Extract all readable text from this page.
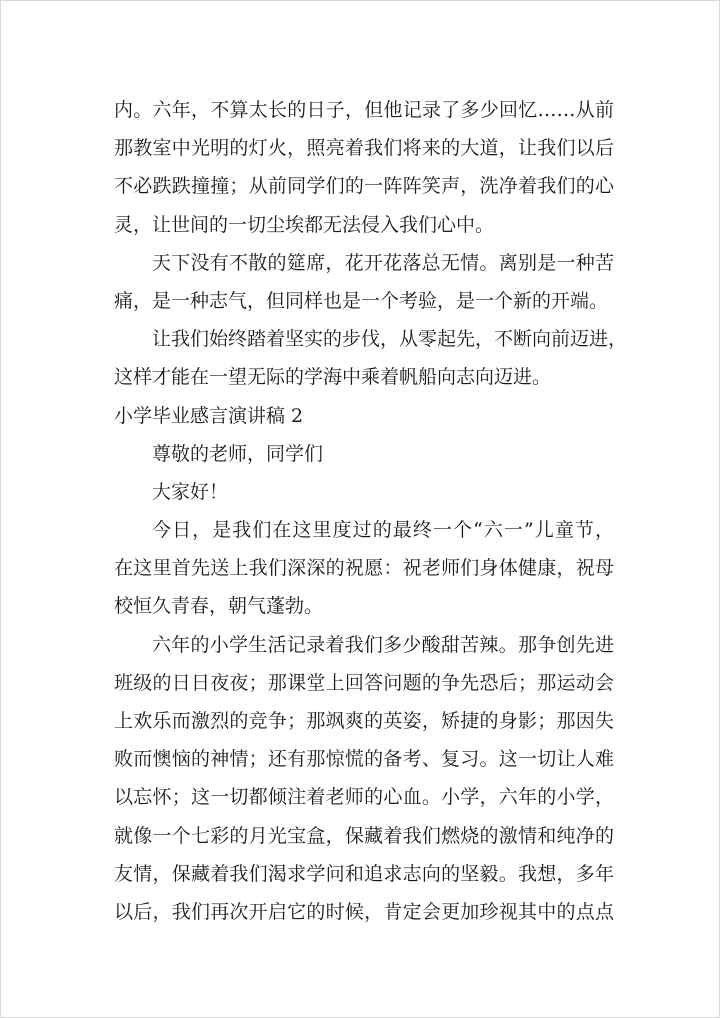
内。六年，不算太长的日子，但他记录了多少回忆……从前
那教室中光明的灯火，照亮着我们将来的大道，让我们以后
不必跌跌撞撞；从前同学们的一阵阵笑声，洗净着我们的心
灵，让世间的一切尘埃都无法侵入我们心中。
天下没有不散的筵席，花开花落总无情。离别是一种苦
痛，是一种志气，但同样也是一个考验，是一个新的开端。
让我们始终踏着坚实的步伐，从零起先，不断向前迈进，
这样才能在一望无际的学海中乘着帆船向志向迈进。
小学毕业感言演讲稿 2
尊敬的老师，同学们
大家好！
今日，是我们在这里度过的最终一个“六一”儿童节，
在这里首先送上我们深深的祝愿：祝老师们身体健康，祝母
校恒久青春，朝气蓬勃。
六年的小学生活记录着我们多少酸甜苦辣。那争创先进
班级的日日夜夜；那课堂上回答问题的争先恐后；那运动会
上欢乐而激烈的竞争；那飒爽的英姿，矫捷的身影；那因失
败而懊恼的神情；还有那惊慌的备考、复习。这一切让人难
以忘怀；这一切都倾注着老师的心血。小学，六年的小学，
就像一个七彩的月光宝盒，保藏着我们燃烧的激情和纯净的
友情，保藏着我们渴求学问和追求志向的坚毅。我想，多年
以后，我们再次开启它的时候，肯定会更加珍视其中的点点
